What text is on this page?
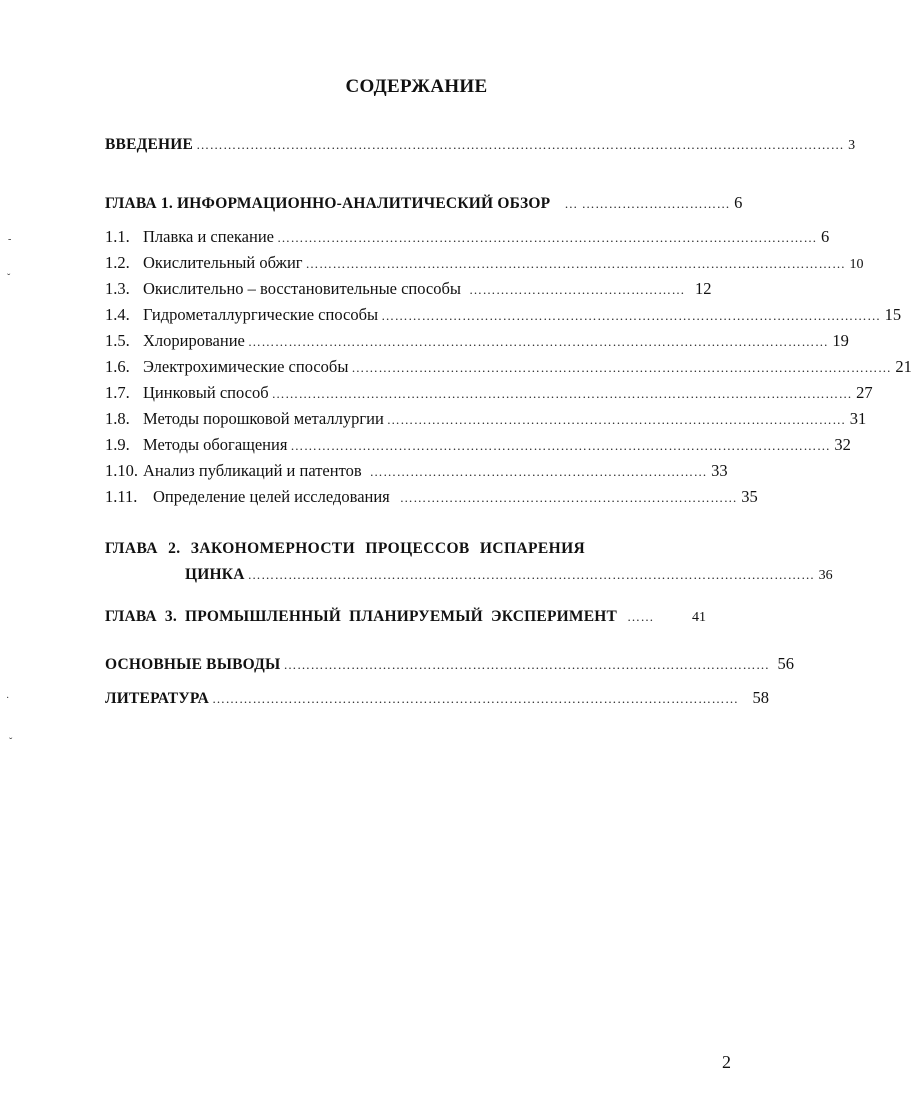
СОДЕРЖАНИЕ
ВВЕДЕНИЕ ……………………………………………………………………………………………………………………………… 3
ГЛАВА 1. ИНФОРМАЦИОННО-АНАЛИТИЧЕСКИЙ ОБЗОР … …………………………… 6
1.1. Плавка и спекание ………………………………………………………………………………………………………… 6
1.2. Окислительный обжиг ………………………………………………………………………………………………………… 10
1.3. Окислительно – восстановительные способы ………………………………………… 12
1.4. Гидрометаллургические способы ………………………………………………………………………………………………… 15
1.5. Хлорирование ………………………………………………………………………………………………………………… 19
1.6. Электрохимические способы ………………………………………………………………………………………………………… 21
1.7. Цинковый способ ………………………………………………………………………………………………………………… 27
1.8. Методы порошковой металлургии ………………………………………………………………………………………… 31
1.9. Методы обогащения ………………………………………………………………………………………………………… 32
1.10. Анализ публикаций и патентов ………………………………………………………………… 33
1.11. Определение целей исследования ………………………………………………………………… 35
ГЛАВА 2. ЗАКОНОМЕРНОСТИ ПРОЦЕССОВ ИСПАРЕНИЯ
ЦИНКА ……………………………………………………………………………………………………………… 36
ГЛАВА 3. ПРОМЫШЛЕННЫЙ ПЛАНИРУЕМЫЙ ЭКСПЕРИМЕНТ ……	41
ОСНОВНЫЕ ВЫВОДЫ ……………………………………………………………………………………………… 56
ЛИТЕРАТУРА ……………………………………………………………………………………………………… 58
-
ˇ
·
ˇ
2
